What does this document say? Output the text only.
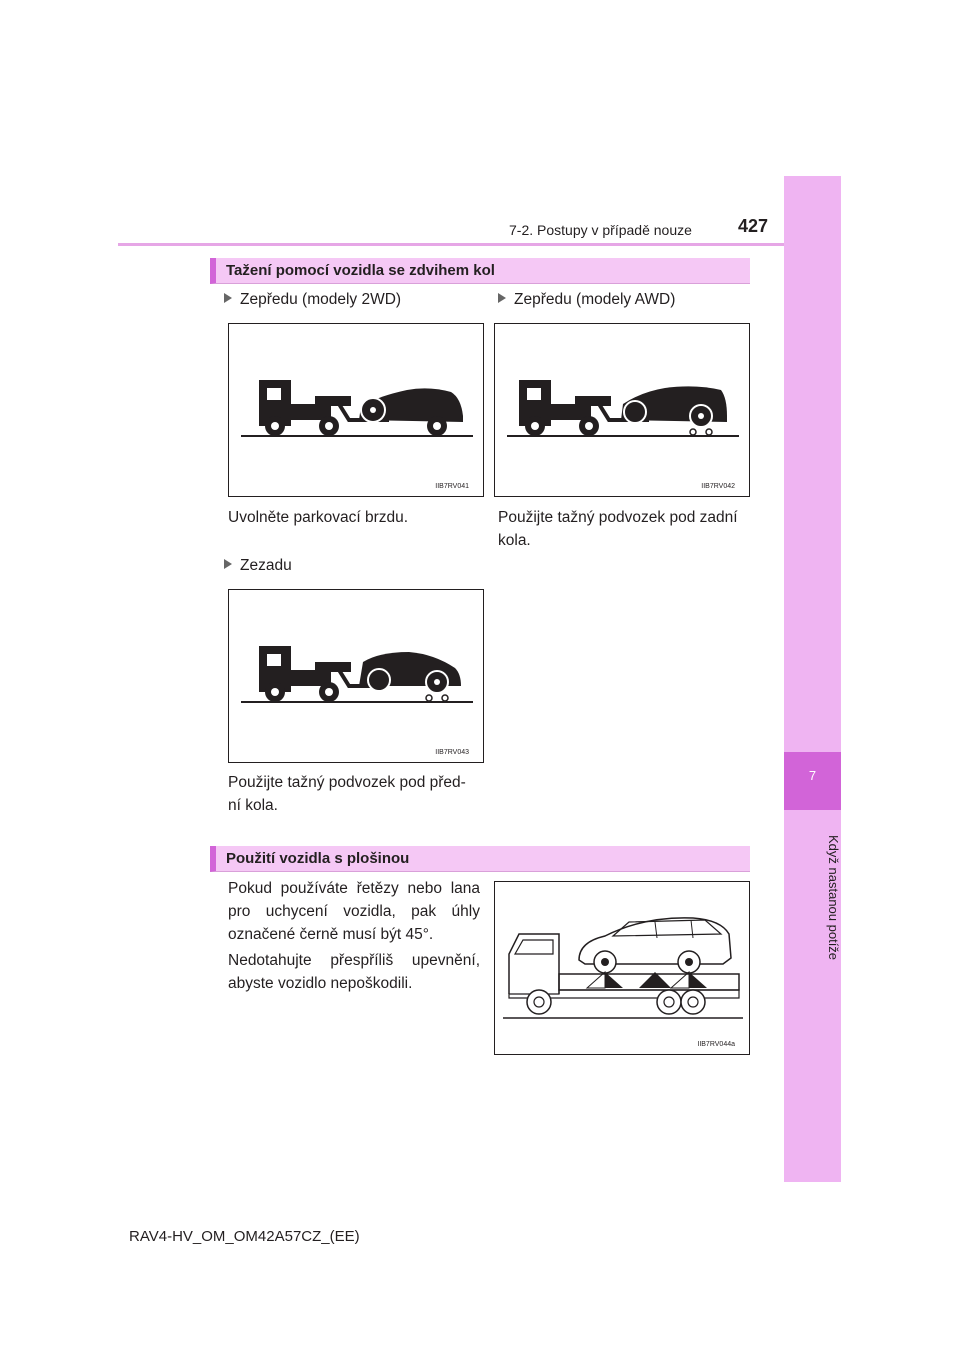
7-2. Postupy v případě nouze	427
7
Když nastanou potíže
Tažení pomocí vozidla se zdvihem kol
Zepředu (modely 2WD)	Zepředu (modely AWD)
IIB7RV041	IIB7RV042
Uvolněte parkovací brzdu.	Použijte tažný podvozek pod zadní
kola.
Zezadu
IIB7RV043
Použijte tažný podvozek pod před-
ní kola.
Použití vozidla s plošinou
Pokud používáte řetězy nebo lana
pro uchycení vozidla, pak úhly
označené černě musí být 45°.
Nedotahujte přespříliš upevnění,
abyste vozidlo nepoškodili.
IIB7RV044a
RAV4-HV_OM_OM42A57CZ_(EE)
